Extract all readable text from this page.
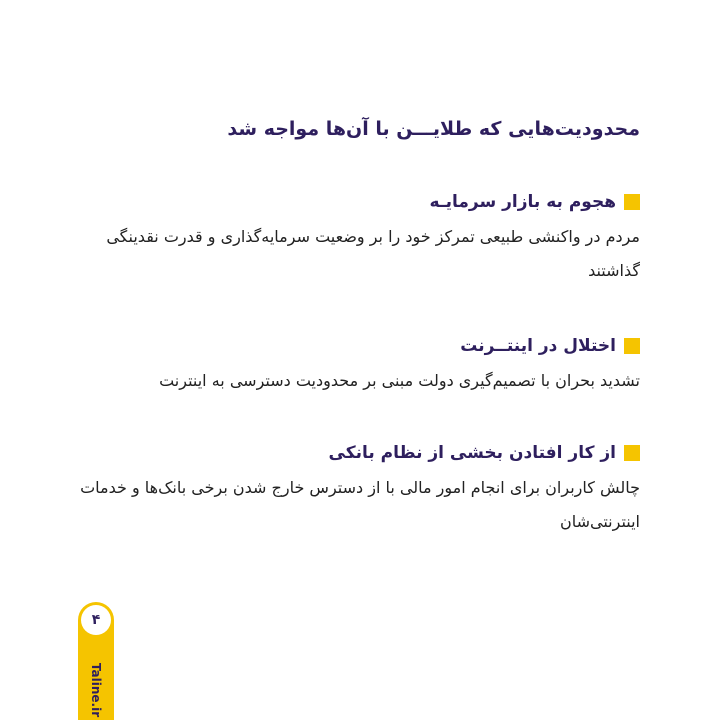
محدودیت‌هایی که طلایـــن با آن‌ها مواجه شد
هجوم به بازار سرمایـه
مردم در واکنشی طبیعی تمرکز خود را بر وضعیت سرمایه‌گذاری و قدرت نقدینگی گذاشتند
اختلال در اینتــرنت
تشدید بحران با تصمیم‌گیری دولت مبنی بر محدودیت دسترسی به اینترنت
از کار افتادن بخشی از نظام بانکی
چالش کاربران برای انجام امور مالی با از دسترس خارج شدن برخی بانک‌ها و خدمات اینترنتی‌شان
۴
Taline.ir
